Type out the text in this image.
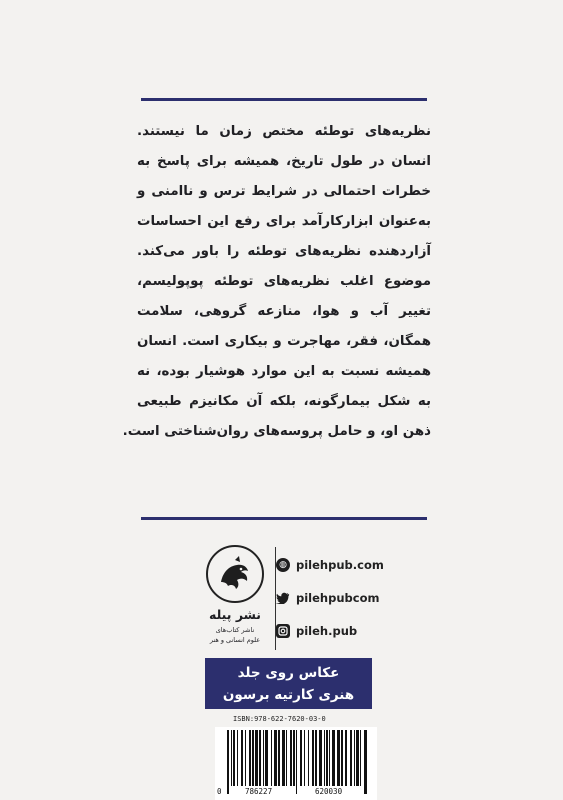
نظریه‌های توطئه مختص زمان ما نیستند.
انسان در طول تاریخ، همیشه برای پاسخ به
خطرات احتمالی در شرایط ترس و ناامنی و
به‌عنوان ابزارکارآمد برای رفع این احساسات
آزاردهنده نظریه‌های توطئه را باور می‌کند.
موضوع اغلب نظریه‌های توطئه پوپولیسم،
تغییر آب و هوا، منازعه گروهی، سلامت
همگان، فقر، مهاجرت و بیکاری است. انسان
همیشه نسبت به این موارد هوشیار بوده، نه
به شکل بیمارگونه، بلکه آن مکانیزم طبیعی
ذهن او، و حامل پروسه‌های روان‌شناختی است.
نشر پیله
ناشر کتاب‌های
علوم انسانی و هنر
◍ pilehpub.com
pilehpubcom
pileh.pub
عکاس روی جلد
هنری کارتیه برسون
ISBN:978-622-7620-03-0
0	786227	620030
